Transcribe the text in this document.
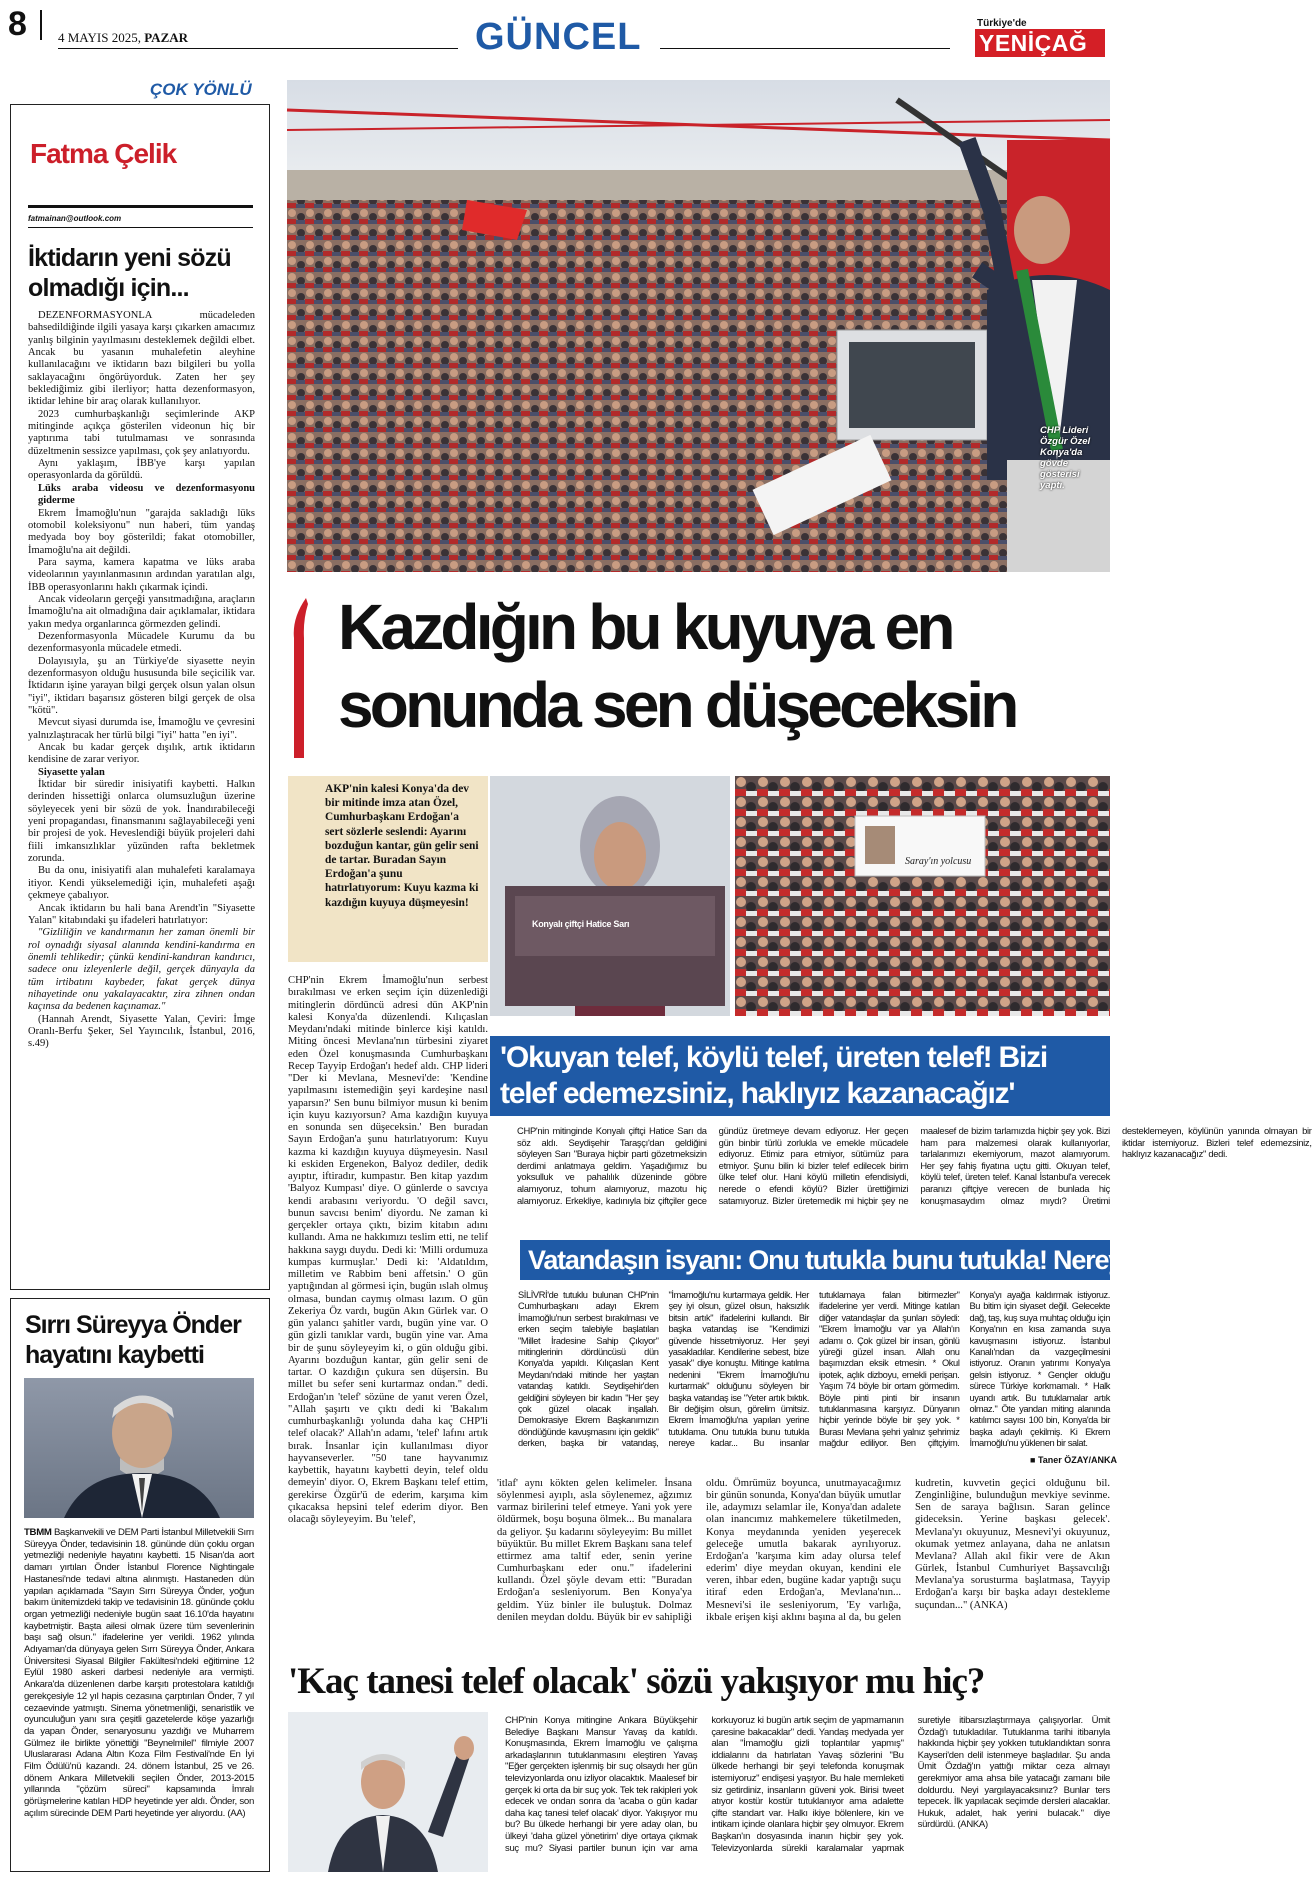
8 4 MAYIS 2025, PAZAR	GÜNCEL	Türkiye'de
YENİÇAĞ
ÇOK YÖNLÜ
Fatma Çelik
fatmainan@outlook.com
İktidarın yeni sözü olmadığı için...

DEZENFORMASYONLA mücadeleden bahsedildiğinde ilgili yasaya karşı çıkarken amacımız yanlış bilginin yayılmasını desteklemek değildi elbet. Ancak bu yasanın muhalefetin aleyhine kullanılacağını ve iktidarın bazı bilgileri bu yolla saklayacağını öngörüyorduk. Zaten her şey beklediğimiz gibi ilerliyor; hatta dezenformasyon, iktidar lehine bir araç olarak kullanılıyor.

2023 cumhurbaşkanlığı seçimlerinde AKP mitinginde açıkça gösterilen videonun hiç bir yaptırıma tabi tutulmaması ve sonrasında düzeltmenin sessizce yapılması, çok şey anlatıyordu.

Aynı yaklaşım, İBB'ye karşı yapılan operasyonlarda da görüldü.

Lüks araba videosu ve dezenformasyonu giderme

Ekrem İmamoğlu'nun "garajda sakladığı lüks otomobil koleksiyonu" nun haberi, tüm yandaş medyada boy boy gösterildi; fakat otomobiller, İmamoğlu'na ait değildi.

Para sayma, kamera kapatma ve lüks araba videolarının yayınlanmasının ardından yaratılan algı, İBB operasyonlarını haklı çıkarmak içindi.

Ancak videoların gerçeği yansıtmadığına, araçların İmamoğlu'na ait olmadığına dair açıklamalar, iktidara yakın medya organlarınca görmezden gelindi.

Dezenformasyonla Mücadele Kurumu da bu dezenformasyonla mücadele etmedi.

Dolayısıyla, şu an Türkiye'de siyasette neyin dezenformasyon olduğu hususunda bile seçicilik var. İktidarın işine yarayan bilgi gerçek olsun yalan olsun "iyi", iktidarı başarısız gösteren bilgi gerçek de olsa "kötü".

Mevcut siyasi durumda ise, İmamoğlu ve çevresini yalnızlaştıracak her türlü bilgi "iyi" hatta "en iyi".

Ancak bu kadar gerçek dışılık, artık iktidarın kendisine de zarar veriyor.

Siyasette yalan

İktidar bir süredir inisiyatifi kaybetti. Halkın derinden hissettiği onlarca olumsuzluğun üzerine söyleyecek yeni bir sözü de yok. İnandırabileceği yeni propagandası, finansmanını sağlayabileceği yeni bir projesi de yok. Heveslendiği büyük projeleri dahi fiili imkansızlıklar yüzünden rafta bekletmek zorunda.

Bu da onu, inisiyatifi alan muhalefeti karalamaya itiyor. Kendi yükselemediği için, muhalefeti aşağı çekmeye çabalıyor.

Ancak iktidarın bu hali bana Arendt'in "Siyasette Yalan" kitabındaki şu ifadeleri hatırlatıyor:

"Gizliliğin ve kandırmanın her zaman önemli bir rol oynadığı siyasal alanında kendini-kandırma en önemli tehlikedir; çünkü kendini-kandıran kandırıcı, sadece onu izleyenlerle değil, gerçek dünyayla da tüm irtibatını kaybeder, fakat gerçek dünya nihayetinde onu yakalayacaktır, zira zihnen ondan kaçınsa da bedenen kaçınamaz."

(Hannah Arendt, Siyasette Yalan, Çeviri: İmge Oranlı-Berfu Şeker, Sel Yayıncılık, İstanbul, 2016, s.49)

Sırrı Süreyya Önder hayatını kaybetti
TBMM Başkanvekili ve DEM Parti İstanbul Milletvekili Sırrı Süreyya Önder, tedavisinin 18. gününde dün çoklu organ yetmezliği nedeniyle hayatını kaybetti. 15 Nisan'da aort damarı yırtılan Önder İstanbul Florence Nightingale Hastanesi'nde tedavi altına alınmıştı. Hastaneden dün yapılan açıklamada "Sayın Sırrı Süreyya Önder, yoğun bakım ünitemizdeki takip ve tedavisinin 18. gününde çoklu organ yetmezliği nedeniyle bugün saat 16.10'da hayatını kaybetmiştir. Başta ailesi olmak üzere tüm sevenlerinin başı sağ olsun." ifadelerine yer verildi. 1962 yılında Adıyaman'da dünyaya gelen Sırrı Süreyya Önder, Ankara Üniversitesi Siyasal Bilgiler Fakültesi'ndeki eğitimine 12 Eylül 1980 askeri darbesi nedeniyle ara vermişti. Ankara'da düzenlenen darbe karşıtı protestolara katıldığı gerekçesiyle 12 yıl hapis cezasına çarptırılan Önder, 7 yıl cezaevinde yatmıştı. Sinema yönetmenliği, senaristlik ve oyunculuğun yanı sıra çeşitli gazetelerde köşe yazarlığı da yapan Önder, senaryosunu yazdığı ve Muharrem Gülmez ile birlikte yönettiği "Beynelmilel" filmiyle 2007 Uluslararası Adana Altın Koza Film Festivali'nde En İyi Film Ödülü'nü kazandı. 24. dönem İstanbul, 25 ve 26. dönem Ankara Milletvekili seçilen Önder, 2013-2015 yıllarında "çözüm süreci" kapsamında İmralı görüşmelerine katılan HDP heyetinde yer aldı. Önder, son açılım sürecinde DEM Parti heyetinde yer alıyordu. (AA)
CHP Lideri Özgür Özel Konya'da gövde gösterisi yaptı.
Kazdığın bu kuyuya en sonunda sen düşeceksin
AKP'nin kalesi Konya'da dev bir mitinde imza atan Özel, Cumhurbaşkanı Erdoğan'a sert sözlerle seslendi: Ayarını bozduğun kantar, gün gelir seni de tartar. Buradan Sayın Erdoğan'a şunu hatırlatıyorum: Kuyu kazma ki kazdığın kuyuya düşmeyesin!
Konyalı çiftçi Hatice Sarı
Saray'ın yolcusu
CHP'nin Ekrem İmamoğlu'nun serbest bırakılması ve erken seçim için düzenlediği mitinglerin dördüncü adresi dün AKP'nin kalesi Konya'da düzenlendi. Kılıçaslan Meydanı'ndaki mitinde binlerce kişi katıldı. Miting öncesi Mevlana'nın türbesini ziyaret eden Özel konuşmasında Cumhurbaşkanı Recep Tayyip Erdoğan'ı hedef aldı. CHP lideri "Der ki Mevlana, Mesnevi'de: 'Kendine yapılmasını istemediğin şeyi kardeşine nasıl yaparsın?' Sen bunu bilmiyor musun ki benim için kuyu kazıyorsun? Ama kazdığın kuyuya en sonunda sen düşeceksin.' Ben buradan Sayın Erdoğan'a şunu hatırlatıyorum: Kuyu kazma ki kazdığın kuyuya düşmeyesin. Nasıl ki eskiden Ergenekon, Balyoz dediler, dedik ayıptır, iftiradır, kumpastır. Ben kitap yazdım 'Balyoz Kumpası' diye. O günlerde o savcıya kendi arabasını veriyordu. 'O değil savcı, bunun savcısı benim' diyordu. Ne zaman ki gerçekler ortaya çıktı, bizim kitabın adını kullandı. Ama ne hakkımızı teslim etti, ne telif hakkına saygı duydu. Dedi ki: 'Milli ordumuza kumpas kurmuşlar.' Dedi ki: 'Aldatıldım, milletim ve Rabbim beni affetsin.' O gün yaptığından al görmesi için, bugün ıslah olmuş olmasa, bundan caymış olması lazım. O gün Zekeriya Öz vardı, bugün Akın Gürlek var. O gün yalancı şahitler vardı, bugün yine var. O gün gizli tanıklar vardı, bugün yine var. Ama bir de şunu söyleyeyim ki, o gün olduğu gibi. Ayarını bozduğun kantar, gün gelir seni de tartar. O kazdığın çukura sen düşersin. Bu millet bu sefer seni kurtarmaz ondan." dedi. Erdoğan'ın 'telef' sözüne de yanıt veren Özel, "Allah şaşırtı ve çıktı dedi ki 'Bakalım cumhurbaşkanlığı yolunda daha kaç CHP'li telef olacak?' Allah'ın adamı, 'telef' lafını artık bırak. İnsanlar için kullanılması diyor hayvanseverler. "50 tane hayvanımız kaybettik, hayatını kaybetti deyin, telef oldu demeyin' diyor. O, Ekrem Başkanı telef ettim, gerekirse Özgür'ü de ederim, karşıma kim çıkacaksa hepsini telef ederim diyor. Ben olacağı söyleyeyim. Bu 'telef',
'Okuyan telef, köylü telef, üreten telef! Bizi telef edemezsiniz, haklıyız kazanacağız'
CHP'nin mitinginde Konyalı çiftçi Hatice Sarı da söz aldı. Seydişehir Taraşçı'dan geldiğini söyleyen Sarı "Buraya hiçbir parti gözetmeksizin derdimi anlatmaya geldim. Yaşadığımız bu yoksulluk ve pahalılık düzeninde göbre alamıyoruz, tohum alamıyoruz, mazotu hiç alamıyoruz. Erkekliye, kadınıyla biz çiftçiler gece gündüz üretmeye devam ediyoruz. Her geçen gün binbir türlü zorlukla ve emekle mücadele ediyoruz. Etimiz para etmiyor, sütümüz para etmiyor. Şunu bilin ki bizler telef edilecek birim ülke telef olur. Hani köylü milletin efendisiydi, nerede o efendi köylü? Bizler ürettiğimizi satamıyoruz. Bizler üretemedik mi hiçbir şey ne maalesef de bizim tarlamızda hiçbir şey yok. Bizi ham para malzemesi olarak kullanıyorlar, tarlalarımızı ekemiyorum, mazot alamıyorum. Her şey fahiş fiyatına uçtu gitti. Okuyan telef, köylü telef, üreten telef. Kanal İstanbul'a verecek paranızı çiftçiye verecen de bunlada hiç konuşmasaydım olmaz mıydı? Üretimi desteklemeyen, köylünün yanında olmayan bir iktidar istemiyoruz. Bizleri telef edemezsiniz, haklıyız kazanacağız" dedi.
Vatandaşın isyanı: Onu tutukla bunu tutukla! Nereye kadar?
SİLİVRİ'de tutuklu bulunan CHP'nin Cumhurbaşkanı adayı Ekrem İmamoğlu'nun serbest bırakılması ve erken seçim talebiyle başlatılan "Millet İradesine Sahip Çıkıyor" mitinglerinin dördüncüsü dün Konya'da yapıldı. Kılıçaslan Kent Meydanı'ndaki mitinde her yaştan vatandaş katıldı. Seydişehir'den geldiğini söyleyen bir kadın "Her şey çok güzel olacak inşallah. Demokrasiye Ekrem Başkanımızın döndüğünde kavuşmasını için geldik" derken, başka bir vatandaş, "İmamoğlu'nu kurtarmaya geldik. Her şey iyi olsun, güzel olsun, haksızlık bitsin artık" ifadelerini kullandı. Bir başka vatandaş ise "Kendimizi güvende hissetmiyoruz. Her şeyi yasakladılar. Kendilerine sebest, bize yasak" diye konuştu. Mitinge katılma nedenini "Ekrem İmamoğlu'nu kurtarmak" olduğunu söyleyen bir başka vatandaş ise "Yeter artık bıktık. Bir değişim olsun, görelim ümitsiz. Ekrem İmamoğlu'na yapılan yerine tutuklama. Onu tutukla bunu tutukla nereye kadar... Bu insanlar tutuklamaya falan bitirmezler" ifadelerine yer verdi. Mitinge katılan diğer vatandaşlar da şunları söyledi: "Ekrem İmamoğlu var ya Allah'ın adamı o. Çok güzel bir insan, gönlü yüreği güzel insan. Allah onu başımızdan eksik etmesin. * Okul ipotek, açlık dizboyu, emekli perişan. Yaşım 74 böyle bir ortam görmedim. Böyle pinti pinti bir insanın tutuklanmasına karşıyız. Dünyanın hiçbir yerinde böyle bir şey yok. * Burası Mevlana şehri yalnız şehrimiz mağdur ediliyor. Ben çiftçiyim. Konya'yı ayağa kaldırmak istiyoruz. Bu bitim için siyaset değil. Gelecekte dağ, taş, kuş suya muhtaç olduğu için Konya'nın en kısa zamanda suya kavuşmasını istiyoruz. İstanbul Kanalı'ndan da vazgeçilmesini istiyoruz. Oranın yatırımı Konya'ya gelsin istiyoruz. * Gençler olduğu sürece Türkiye korkmamalı. * Halk uyandı artık. Bu tutuklamalar artık olmaz." Öte yandan miting alanında katılımcı sayısı 100 bin, Konya'da bir başka adaylı çekilmiş. Ki Ekrem İmamoğlu'nu yüklenen bir salat.
■ Taner ÖZAY/ANKA
'itlaf' aynı kökten gelen kelimeler. İnsana söylenmesi ayıplı, asla söylenemez, ağzımız varmaz birilerini telef etmeye. Yani yok yere öldürmek, boşu boşuna ölmek... Bu manalara da geliyor. Şu kadarını söyleyeyim: Bu millet büyüktür. Bu millet Ekrem Başkanı sana telef ettirmez ama taltif eder, senin yerine Cumhurbaşkanı eder onu." ifadelerini kullandı. Özel şöyle devam etti: "Buradan Erdoğan'a sesleniyorum. Ben Konya'ya geldim. Yüz binler ile buluştuk. Dolmaz denilen meydan doldu. Büyük bir ev sahipliği oldu. Ömrümüz boyunca, unutmayacağımız bir günün sonunda, Konya'dan büyük umutlar ile, adaymızı selamlar ile, Konya'dan adalete olan inancımız mahkemelere tüketilmeden, Konya meydanında yeniden yeşerecek geleceğe umutla bakarak ayrılıyoruz. Erdoğan'a 'karşıma kim aday olursa telef ederim' diye meydan okuyan, kendini ele veren, ihbar eden, bugüne kadar yaptığı suçu itiraf eden Erdoğan'a, Mevlana'nın... Mesnevi'si ile sesleniyorum, 'Ey varlığa, ikbale erişen kişi aklını başına al da, bu gelen kudretin, kuvvetin geçici olduğunu bil. Zenginliğine, bulunduğun mevkiye sevinme. Sen de saraya bağlısın. Saran gelince gideceksin. Yerine başkası gelecek'. Mevlana'yı okuyunuz, Mesnevi'yi okuyunuz, okumak yetmez anlayana, daha ne anlatsın Mevlana? Allah akıl fikir vere de Akın Gürlek, İstanbul Cumhuriyet Başsavcılığı Mevlana'ya sorusturma başlatmasa, Tayyip Erdoğan'a karşı bir başka adayı destekleme suçundan..." (ANKA)
'Kaç tanesi telef olacak' sözü yakışıyor mu hiç?
CHP'nin Konya mitingine Ankara Büyükşehir Belediye Başkanı Mansur Yavaş da katıldı. Konuşmasında, Ekrem İmamoğlu ve çalışma arkadaşlarının tutuklanmasını eleştiren Yavaş "Eğer gerçekten işlenmiş bir suç olsaydı her gün televizyonlarda onu izliyor olacaktık. Maalesef bir gerçek ki orta da bir suç yok. Tek tek rakipleri yok edecek ve ondan sonra da 'acaba o gün kadar daha kaç tanesi telef olacak' diyor. Yakışıyor mu bu? Bu ülkede herhangi bir yere aday olan, bu ülkeyi 'daha güzel yönetirim' diye ortaya çıkmak suç mu? Siyasi partiler bunun için var ama korkuyoruz ki bugün artık seçim de yapmamanın çaresine bakacaklar" dedi. Yandaş medyada yer alan "İmamoğlu gizli toplantılar yapmış" iddialarını da hatırlatan Yavaş sözlerini "Bu ülkede herhangi bir şeyi telefonda konuşmak istemiyoruz" endişesi yaşıyor. Bu hale memleketi siz getirdiniz, insanların güveni yok. Birisi tweet atıyor kostür kostür tutuklanıyor ama adalette çifte standart var. Halkı ikiye bölenlere, kin ve intikam içinde olanlara hiçbir şey olmuyor. Ekrem Başkan'ın dosyasında inanın hiçbir şey yok. Televizyonlarda sürekli karalamalar yapmak suretiyle itibarsızlaştırmaya çalışıyorlar. Ümit Özdağ'ı tutukladılar. Tutuklanma tarihi itibarıyla hakkında hiçbir şey yokken tutuklandıktan sonra Kayseri'den delil istenmeye başladılar. Şu anda Ümit Özdağ'ın yattığı miktar ceza almayı gerekmiyor ama ahsa bile yatacağı zamanı bile doldurdu. Neyi yargılayacaksınız? Bunlar ters tepecek. İlk yapılacak seçimde dersleri alacaklar. Hukuk, adalet, hak yerini bulacak." diye sürdürdü. (ANKA)
